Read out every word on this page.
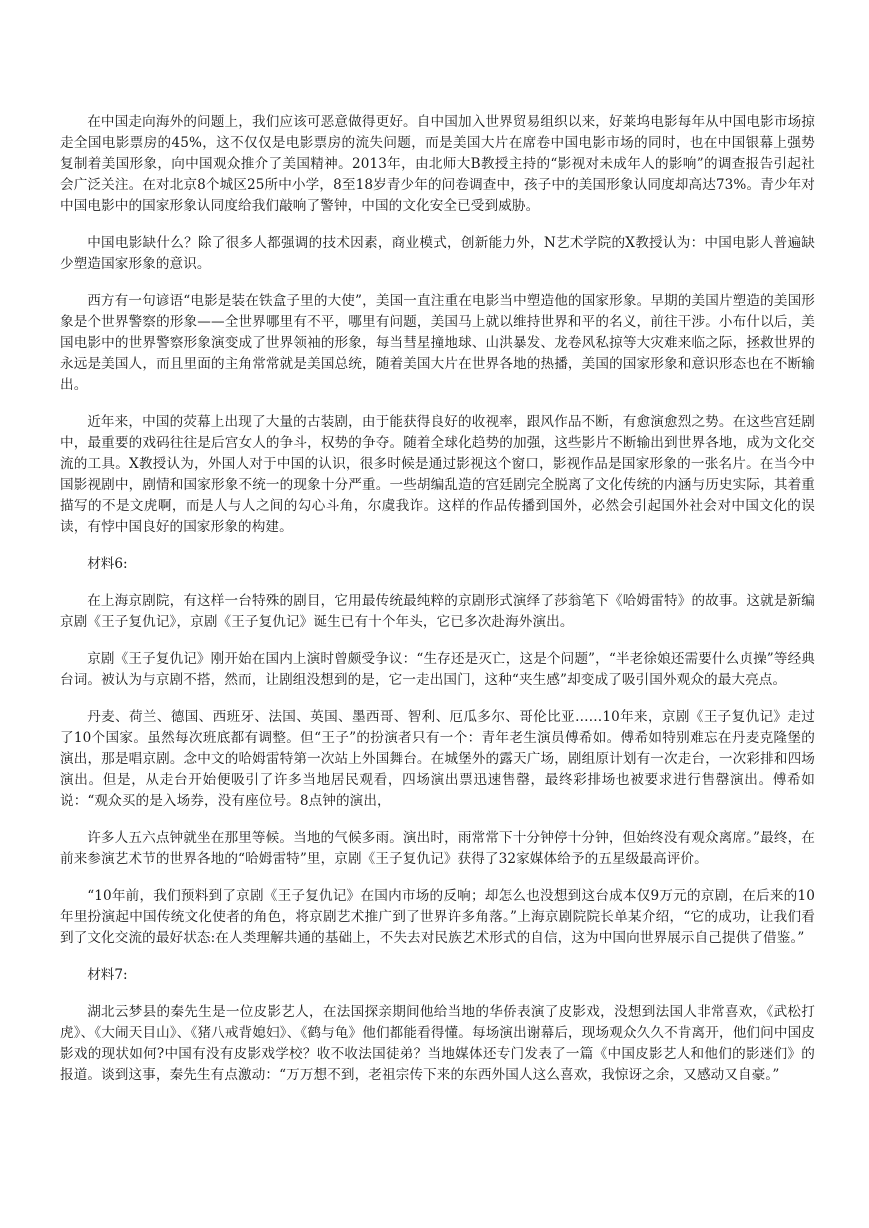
在中国走向海外的问题上，我们应该可恶意做得更好。自中国加入世界贸易组织以来，好莱坞电影每年从中国电影市场掠走全国电影票房的45%，这不仅仅是电影票房的流失问题，而是美国大片在席卷中国电影市场的同时，也在中国银幕上强势复制着美国形象，向中国观众推介了美国精神。2013年，由北师大B教授主持的“影视对未成年人的影响”的调查报告引起社会广泛关注。在对北京8个城区25所中小学，8至18岁青少年的问卷调查中，孩子中的美国形象认同度却高达73%。青少年对中国电影中的国家形象认同度给我们敲响了警钟，中国的文化安全已受到威胁。

中国电影缺什么？除了很多人都强调的技术因素，商业模式，创新能力外，N艺术学院的X教授认为：中国电影人普遍缺少塑造国家形象的意识。

西方有一句谚语“电影是装在铁盒子里的大使”，美国一直注重在电影当中塑造他的国家形象。早期的美国片塑造的美国形象是个世界警察的形象——全世界哪里有不平，哪里有问题，美国马上就以维持世界和平的名义，前往干涉。小布什以后，美国电影中的世界警察形象演变成了世界领袖的形象，每当彗星撞地球、山洪暴发、龙卷风私掠等大灾难来临之际，拯救世界的永远是美国人，而且里面的主角常常就是美国总统，随着美国大片在世界各地的热播，美国的国家形象和意识形态也在不断输出。

近年来，中国的荧幕上出现了大量的古装剧，由于能获得良好的收视率，跟风作品不断，有愈演愈烈之势。在这些宫廷剧中，最重要的戏码往往是后宫女人的争斗，权势的争夺。随着全球化趋势的加强，这些影片不断输出到世界各地，成为文化交流的工具。X教授认为，外国人对于中国的认识，很多时候是通过影视这个窗口，影视作品是国家形象的一张名片。在当今中国影视剧中，剧情和国家形象不统一的现象十分严重。一些胡编乱造的宫廷剧完全脱离了文化传统的内涵与历史实际，其着重描写的不是文虎啊，而是人与人之间的勾心斗角，尔虞我诈。这样的作品传播到国外，必然会引起国外社会对中国文化的误读，有悖中国良好的国家形象的构建。

材料6:

在上海京剧院，有这样一台特殊的剧目，它用最传统最纯粹的京剧形式演绎了莎翁笔下《哈姆雷特》的故事。这就是新编京剧《王子复仇记》，京剧《王子复仇记》诞生已有十个年头，它已多次赴海外演出。

京剧《王子复仇记》刚开始在国内上演时曾颇受争议：“生存还是灭亡，这是个问题”，“半老徐娘还需要什么贞操”等经典台词。被认为与京剧不搭，然而，让剧组没想到的是，它一走出国门，这种“夹生感”却变成了吸引国外观众的最大亮点。

丹麦、荷兰、德国、西班牙、法国、英国、墨西哥、智利、厄瓜多尔、哥伦比亚……10年来，京剧《王子复仇记》走过了10个国家。虽然每次班底都有调整。但“王子”的扮演者只有一个：青年老生演员傅希如。傅希如特别难忘在丹麦克隆堡的演出，那是唱京剧。念中文的哈姆雷特第一次站上外国舞台。在城堡外的露天广场，剧组原计划有一次走台，一次彩排和四场演出。但是，从走台开始便吸引了许多当地居民观看，四场演出票迅速售罄，最终彩排场也被要求进行售罄演出。傅希如说：“观众买的是入场券，没有座位号。8点钟的演出，

许多人五六点钟就坐在那里等候。当地的气候多雨。演出时，雨常常下十分钟停十分钟，但始终没有观众离席。”最终，在前来参演艺术节的世界各地的“哈姆雷特”里，京剧《王子复仇记》获得了32家媒体给予的五星级最高评价。

“10年前，我们预料到了京剧《王子复仇记》在国内市场的反响；却怎么也没想到这台成本仅9万元的京剧，在后来的10年里扮演起中国传统文化使者的角色，将京剧艺术推广到了世界许多角落。”上海京剧院院长单某介绍，“它的成功，让我们看到了文化交流的最好状态:在人类理解共通的基础上，不失去对民族艺术形式的自信，这为中国向世界展示自己提供了借鉴。”

材料7:

湖北云梦县的秦先生是一位皮影艺人，在法国探亲期间他给当地的华侨表演了皮影戏，没想到法国人非常喜欢，《武松打虎》、《大闹天目山》、《猪八戒背媳妇》、《鹤与龟》他们都能看得懂。每场演出谢幕后，现场观众久久不肯离开，他们问中国皮影戏的现状如何?中国有没有皮影戏学校？收不收法国徒弟？当地媒体还专门发表了一篇《中国皮影艺人和他们的影迷们》的报道。谈到这事，秦先生有点激动：“万万想不到，老祖宗传下来的东西外国人这么喜欢，我惊讶之余，又感动又自豪。”
